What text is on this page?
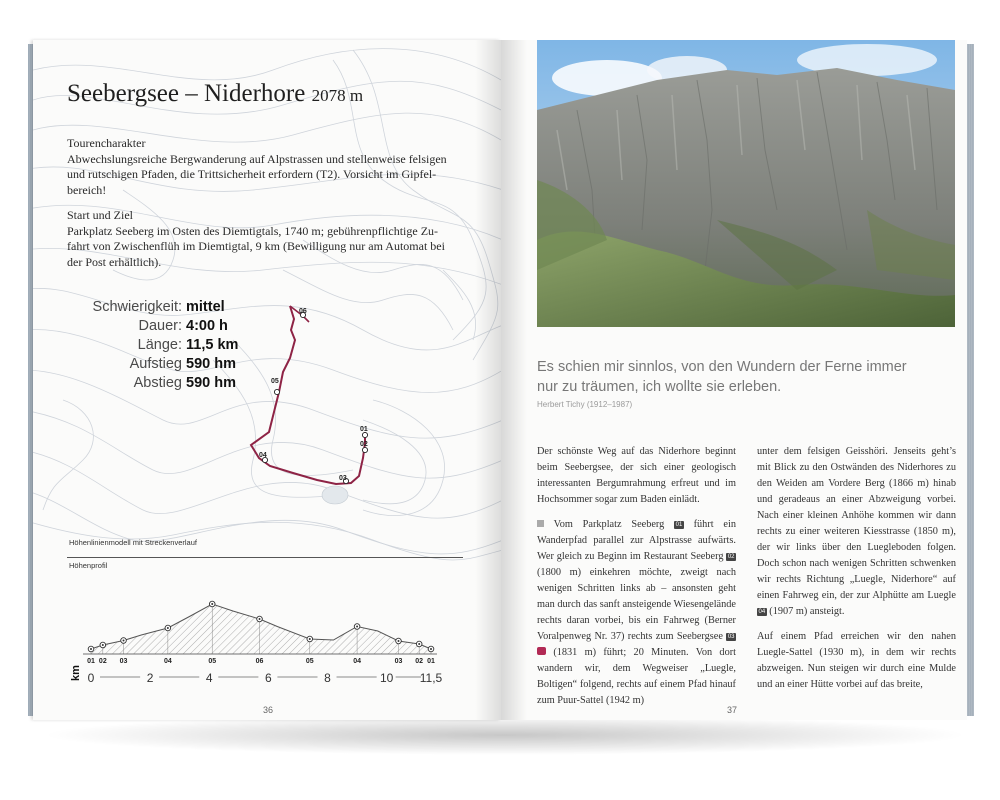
06
05
04
03
02
01
Seebergsee – Niderhore 2078 m
Tourencharakter
Abwechslungsreiche Bergwanderung auf Alpstrassen und stellenweise felsigen
und rutschigen Pfaden, die Trittsicherheit erfordern (T2). Vorsicht im Gipfel-
bereich!
Start und Ziel
Parkplatz Seeberg im Osten des Diemtigtals, 1740 m; gebührenpflichtige Zu-
fahrt von Zwischenflüh im Diemtigtal, 9 km (Bewilligung nur am Automat bei
der Post erhältlich).
Schwierigkeit: mittel
Dauer: 4:00 h
Länge: 11,5 km
Aufstieg 590 hm
Abstieg 590 hm
Höhenlinienmodell mit Streckenverlauf
Höhenprofil
01 02 03	04	05	06	05	04	03 02 01
km 0	2	4	6	8	10 11,5
36
Es schien mir sinnlos, von den Wundern der Ferne immer
nur zu träumen, ich wollte sie erleben.
Herbert Tichy (1912–1987)

Der schönste Weg auf das Niderhore beginnt beim Seebergsee, der sich einer geologisch interessanten Bergumrahmung erfreut und im Hochsommer sogar zum Baden einlädt.

Vom Parkplatz Seeberg 01 führt ein Wanderpfad parallel zur Alpstrasse aufwärts. Wer gleich zu Beginn im Restaurant Seeberg 02 (1800 m) einkehren möchte, zweigt nach wenigen Schritten links ab – ansonsten geht man durch das sanft ansteigende Wiesengelände rechts daran vorbei, bis ein Fahrweg (Berner Voralpenweg Nr. 37) rechts zum Seebergsee 03  (1831 m) führt; 20 Minuten. Von dort wandern wir, dem Wegweiser „Luegle, Boltigen“ folgend, rechts auf einem Pfad hinauf zum Puur-Sattel (1942 m)

unter dem felsigen Geisshöri. Jenseits geht’s mit Blick zu den Ostwänden des Niderhores zu den Weiden am Vordere Berg (1866 m) hinab und geradeaus an einer Abzweigung vorbei. Nach einer kleinen Anhöhe kommen wir dann rechts zu einer weiteren Kiesstrasse (1850 m), der wir links über den Luegleboden folgen. Doch schon nach wenigen Schritten schwenken wir rechts Richtung „Luegle, Niderhore“ auf einen Fahrweg ein, der zur Alphütte am Luegle 04 (1907 m) ansteigt.

Auf einem Pfad erreichen wir den nahen Luegle-Sattel (1930 m), in dem wir rechts abzweigen. Nun steigen wir durch eine Mulde und an einer Hütte vorbei auf das breite,

37
